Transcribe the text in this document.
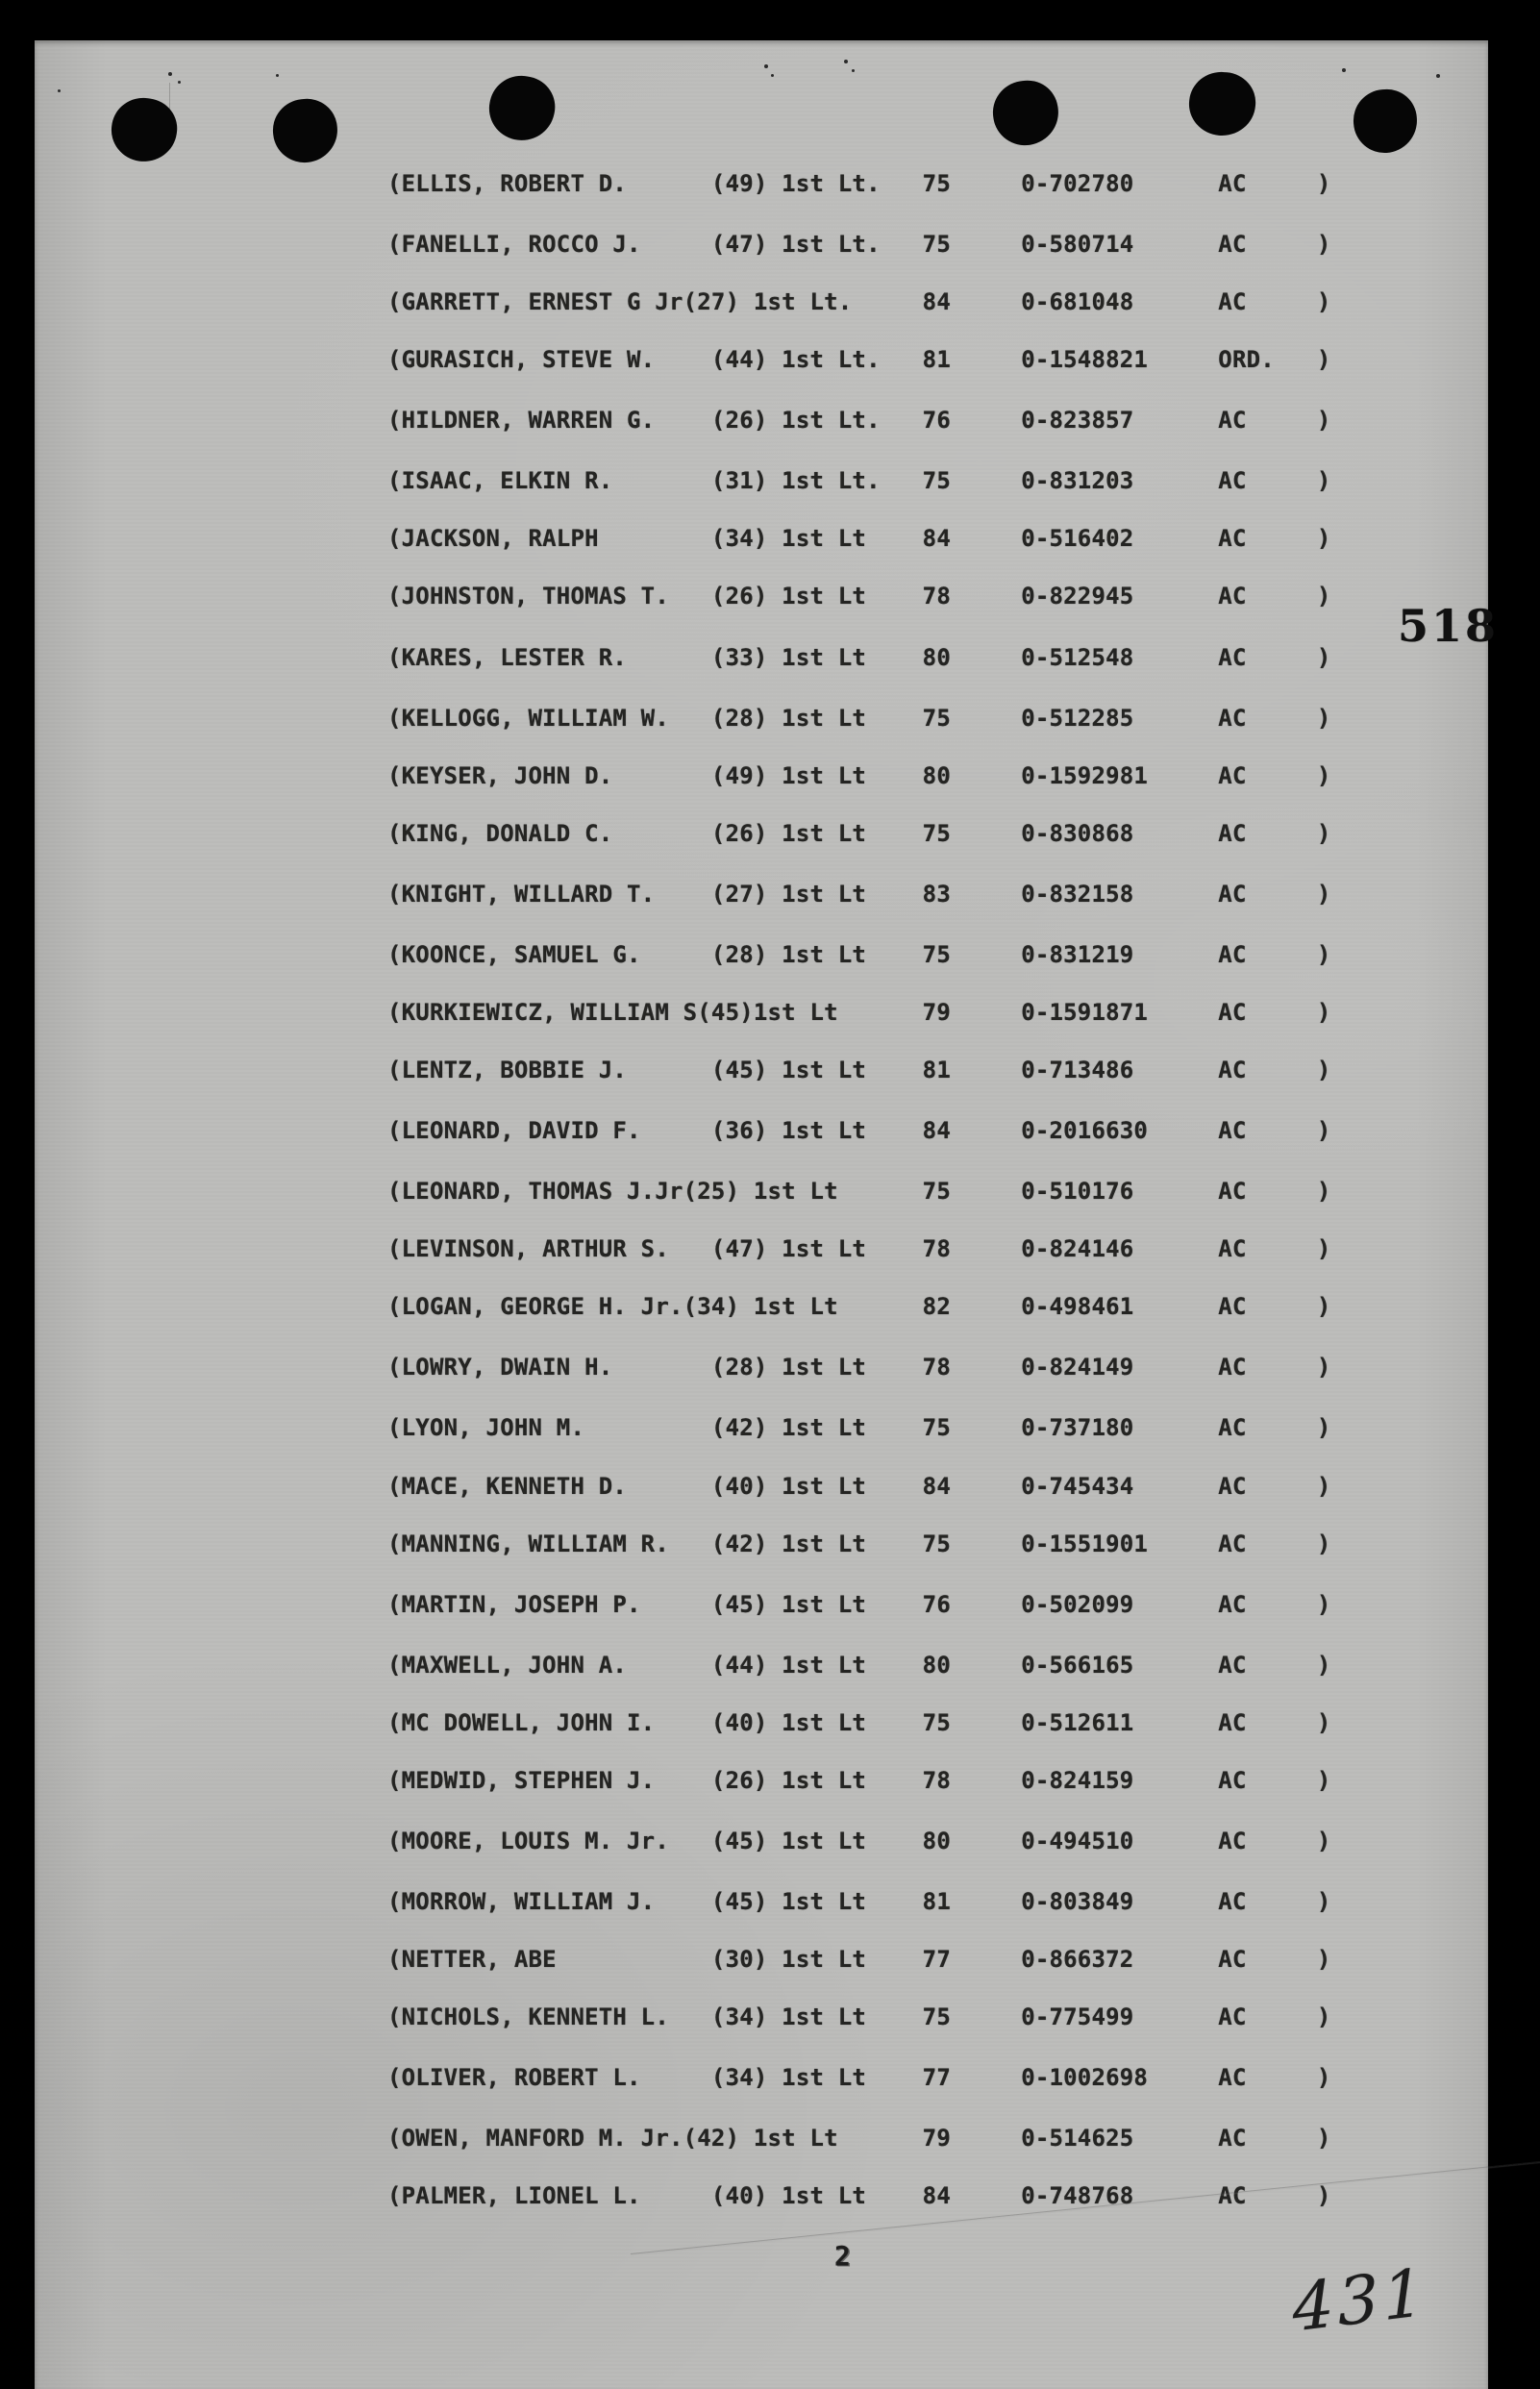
(ELLIS, ROBERT D.      (49) 1st Lt.   75     0-702780      AC     )
(FANELLI, ROCCO J.     (47) 1st Lt.   75     0-580714      AC     )
(GARRETT, ERNEST G Jr(27) 1st Lt.     84     0-681048      AC     )
(GURASICH, STEVE W.    (44) 1st Lt.   81     0-1548821     ORD.   )
(HILDNER, WARREN G.    (26) 1st Lt.   76     0-823857      AC     )
(ISAAC, ELKIN R.       (31) 1st Lt.   75     0-831203      AC     )
(JACKSON, RALPH        (34) 1st Lt    84     0-516402      AC     )
(JOHNSTON, THOMAS T.   (26) 1st Lt    78     0-822945      AC     )
(KARES, LESTER R.      (33) 1st Lt    80     0-512548      AC     )
(KELLOGG, WILLIAM W.   (28) 1st Lt    75     0-512285      AC     )
(KEYSER, JOHN D.       (49) 1st Lt    80     0-1592981     AC     )
(KING, DONALD C.       (26) 1st Lt    75     0-830868      AC     )
(KNIGHT, WILLARD T.    (27) 1st Lt    83     0-832158      AC     )
(KOONCE, SAMUEL G.     (28) 1st Lt    75     0-831219      AC     )
(KURKIEWICZ, WILLIAM S(45)1st Lt      79     0-1591871     AC     )
(LENTZ, BOBBIE J.      (45) 1st Lt    81     0-713486      AC     )
(LEONARD, DAVID F.     (36) 1st Lt    84     0-2016630     AC     )
(LEONARD, THOMAS J.Jr(25) 1st Lt      75     0-510176      AC     )
(LEVINSON, ARTHUR S.   (47) 1st Lt    78     0-824146      AC     )
(LOGAN, GEORGE H. Jr.(34) 1st Lt      82     0-498461      AC     )
(LOWRY, DWAIN H.       (28) 1st Lt    78     0-824149      AC     )
(LYON, JOHN M.         (42) 1st Lt    75     0-737180      AC     )
(MACE, KENNETH D.      (40) 1st Lt    84     0-745434      AC     )
(MANNING, WILLIAM R.   (42) 1st Lt    75     0-1551901     AC     )
(MARTIN, JOSEPH P.     (45) 1st Lt    76     0-502099      AC     )
(MAXWELL, JOHN A.      (44) 1st Lt    80     0-566165      AC     )
(MC DOWELL, JOHN I.    (40) 1st Lt    75     0-512611      AC     )
(MEDWID, STEPHEN J.    (26) 1st Lt    78     0-824159      AC     )
(MOORE, LOUIS M. Jr.   (45) 1st Lt    80     0-494510      AC     )
(MORROW, WILLIAM J.    (45) 1st Lt    81     0-803849      AC     )
(NETTER, ABE           (30) 1st Lt    77     0-866372      AC     )
(NICHOLS, KENNETH L.   (34) 1st Lt    75     0-775499      AC     )
(OLIVER, ROBERT L.     (34) 1st Lt    77     0-1002698     AC     )
(OWEN, MANFORD M. Jr.(42) 1st Lt      79     0-514625      AC     )
(PALMER, LIONEL L.     (40) 1st Lt    84     0-748768      AC     )
518
2	431
